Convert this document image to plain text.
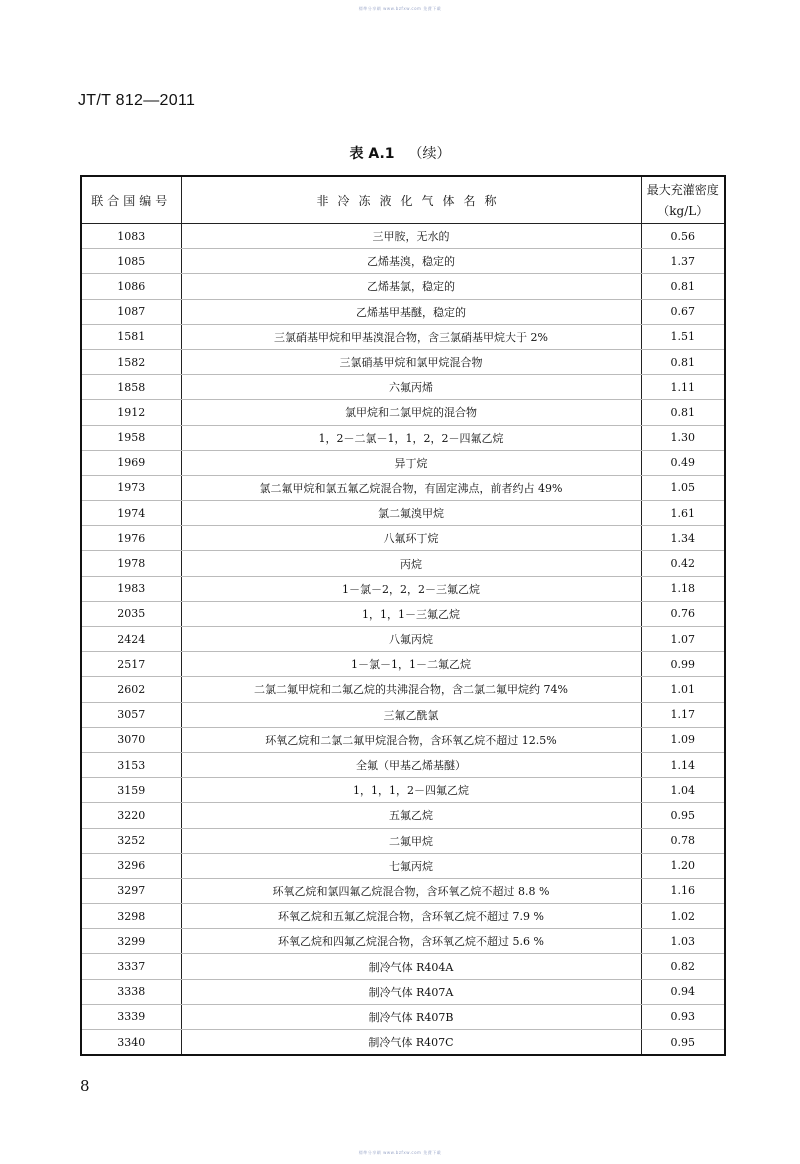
標準分享網 www.bzfxw.com 免費下載
JT/T 812—2011
表 A.1 （续）
联合国编号	非冷冻液化气体名称	最大充灌密度
（kg/L）

1083	三甲胺，无水的	0.56
1085	乙烯基溴，稳定的	1.37
1086	乙烯基氯，稳定的	0.81
1087	乙烯基甲基醚，稳定的	0.67
1581	三氯硝基甲烷和甲基溴混合物，含三氯硝基甲烷大于 2%	1.51
1582	三氯硝基甲烷和氯甲烷混合物	0.81
1858	六氟丙烯	1.11
1912	氯甲烷和二氯甲烷的混合物	0.81
1958	1，2－二氯－1，1，2，2－四氟乙烷	1.30
1969	异丁烷	0.49
1973	氯二氟甲烷和氯五氟乙烷混合物，有固定沸点，前者约占 49%	1.05
1974	氯二氟溴甲烷	1.61
1976	八氟环丁烷	1.34
1978	丙烷	0.42
1983	1－氯－2，2，2－三氟乙烷	1.18
2035	1，1，1－三氟乙烷	0.76
2424	八氟丙烷	1.07
2517	1－氯－1，1－二氟乙烷	0.99
2602	二氯二氟甲烷和二氟乙烷的共沸混合物，含二氯二氟甲烷约 74%	1.01
3057	三氟乙酰氯	1.17
3070	环氧乙烷和二氯二氟甲烷混合物，含环氧乙烷不超过 12.5%	1.09
3153	全氟（甲基乙烯基醚）	1.14
3159	1，1，1，2－四氟乙烷	1.04
3220	五氟乙烷	0.95
3252	二氟甲烷	0.78
3296	七氟丙烷	1.20
3297	环氧乙烷和氯四氟乙烷混合物，含环氧乙烷不超过 8.8 %	1.16
3298	环氧乙烷和五氟乙烷混合物，含环氧乙烷不超过 7.9 %	1.02
3299	环氧乙烷和四氟乙烷混合物，含环氧乙烷不超过 5.6 %	1.03
3337	制冷气体 R404A	0.82
3338	制冷气体 R407A	0.94
3339	制冷气体 R407B	0.93
3340	制冷气体 R407C	0.95
8
標準分享網 www.bzfxw.com 免費下載
